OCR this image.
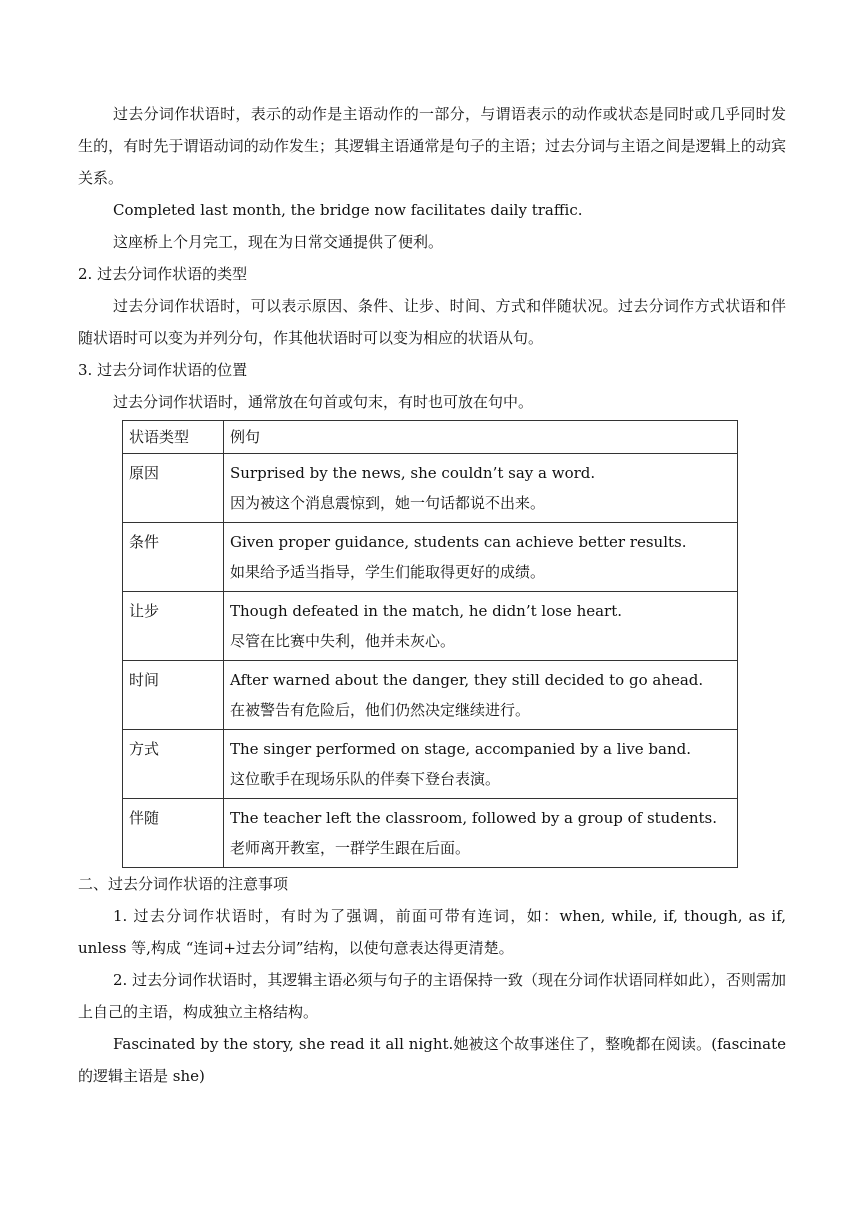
过去分词作状语时，表示的动作是主语动作的一部分，与谓语表示的动作或状态是同时或几乎同时发生的，有时先于谓语动词的动作发生；其逻辑主语通常是句子的主语；过去分词与主语之间是逻辑上的动宾关系。

Completed last month, the bridge now facilitates daily traffic.

这座桥上个月完工，现在为日常交通提供了便利。

2. 过去分词作状语的类型

过去分词作状语时，可以表示原因、条件、让步、时间、方式和伴随状况。过去分词作方式状语和伴随状语时可以变为并列分句，作其他状语时可以变为相应的状语从句。

3. 过去分词作状语的位置

过去分词作状语时，通常放在句首或句末，有时也可放在句中。

状语类型	例句
原因	Surprised by the news, she couldn’t say a word.
因为被这个消息震惊到，她一句话都说不出来。

条件	Given proper guidance, students can achieve better results.
如果给予适当指导，学生们能取得更好的成绩。

让步	Though defeated in the match, he didn’t lose heart.
尽管在比赛中失利，他并未灰心。

时间	After warned about the danger, they still decided to go ahead.
在被警告有危险后，他们仍然决定继续进行。

方式	The singer performed on stage, accompanied by a live band.
这位歌手在现场乐队的伴奏下登台表演。

伴随	The teacher left the classroom, followed by a group of students.
老师离开教室，一群学生跟在后面。

二、过去分词作状语的注意事项

1. 过去分词作状语时，有时为了强调，前面可带有连词，如：when, while, if, though, as if, unless 等,构成 “连词+过去分词”结构，以使句意表达得更清楚。

2. 过去分词作状语时，其逻辑主语必须与句子的主语保持一致（现在分词作状语同样如此），否则需加上自己的主语，构成独立主格结构。

Fascinated by the story, she read it all night.她被这个故事迷住了，整晚都在阅读。(fascinate 的逻辑主语是 she)
